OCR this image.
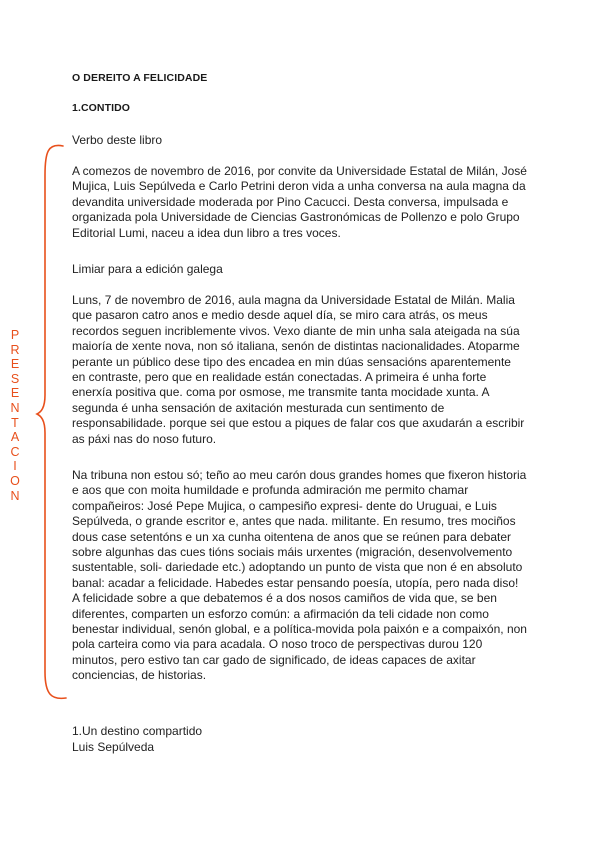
O DEREITO A FELICIDADE
1.CONTIDO

Verbo deste libro

A comezos de novembro de 2016, por convite da Universidade Estatal de Milán, José Mujica, Luis Sepúlveda e Carlo Petrini deron vida a unha conversa na aula magna da devandita universidade moderada por Pino Cacucci. Desta conversa, impulsada e organizada pola Universidade de Ciencias Gastronómicas de Pollenzo e polo Grupo Editorial Lumi, naceu a idea dun libro a tres voces.

Limiar para a edición galega

Luns, 7 de novembro de 2016, aula magna da Universidade Estatal de Milán. Malia que pasaron catro anos e medio desde aquel día, se miro cara atrás, os meus recordos seguen incriblemente vivos. Vexo diante de min unha sala ateigada na súa maioría de xente nova, non só italiana, senón de distintas nacionalidades. Atoparme perante un público dese tipo des encadea en min dúas sensacións aparentemente en contraste, pero que en realidade están conectadas. A primeira é unha forte enerxía positiva que. coma por osmose, me transmite tanta mocidade xunta. A segunda é unha sensación de axitación mesturada cun sentimento de responsabilidade. porque sei que estou a piques de falar cos que axudarán a escribir as páxi nas do noso futuro.

Na tribuna non estou só; teño ao meu carón dous grandes homes que fixeron historia e aos que con moita humildade e profunda admiración me permito chamar compañeiros: José Pepe Mujica, o campesiño expresi- dente do Uruguai, e Luis Sepúlveda, o grande escritor e, antes que nada. militante. En resumo, tres mociños dous case setentóns e un xa cunha oitentena de anos que se reúnen para debater sobre algunhas das cues tións sociais máis urxentes (migración, desenvolvemento sustentable, soli- dariedade etc.) adoptando un punto de vista que non é en absoluto banal: acadar a felicidade. Habedes estar pensando poesía, utopía, pero nada diso! A felicidade sobre a que debatemos é a dos nosos camiños de vida que, se ben diferentes, comparten un esforzo común: a afirmación da teli cidade non como benestar individual, senón global, e a política-movida pola paixón e a compaixón, non pola carteira como via para acadala. O noso troco de perspectivas durou 120 minutos, pero estivo tan car gado de significado, de ideas capaces de axitar conciencias, de historias.

1.Un destino compartido

Luis Sepúlveda

P
R
E
S
E
N
T
A
C
I
O
N
